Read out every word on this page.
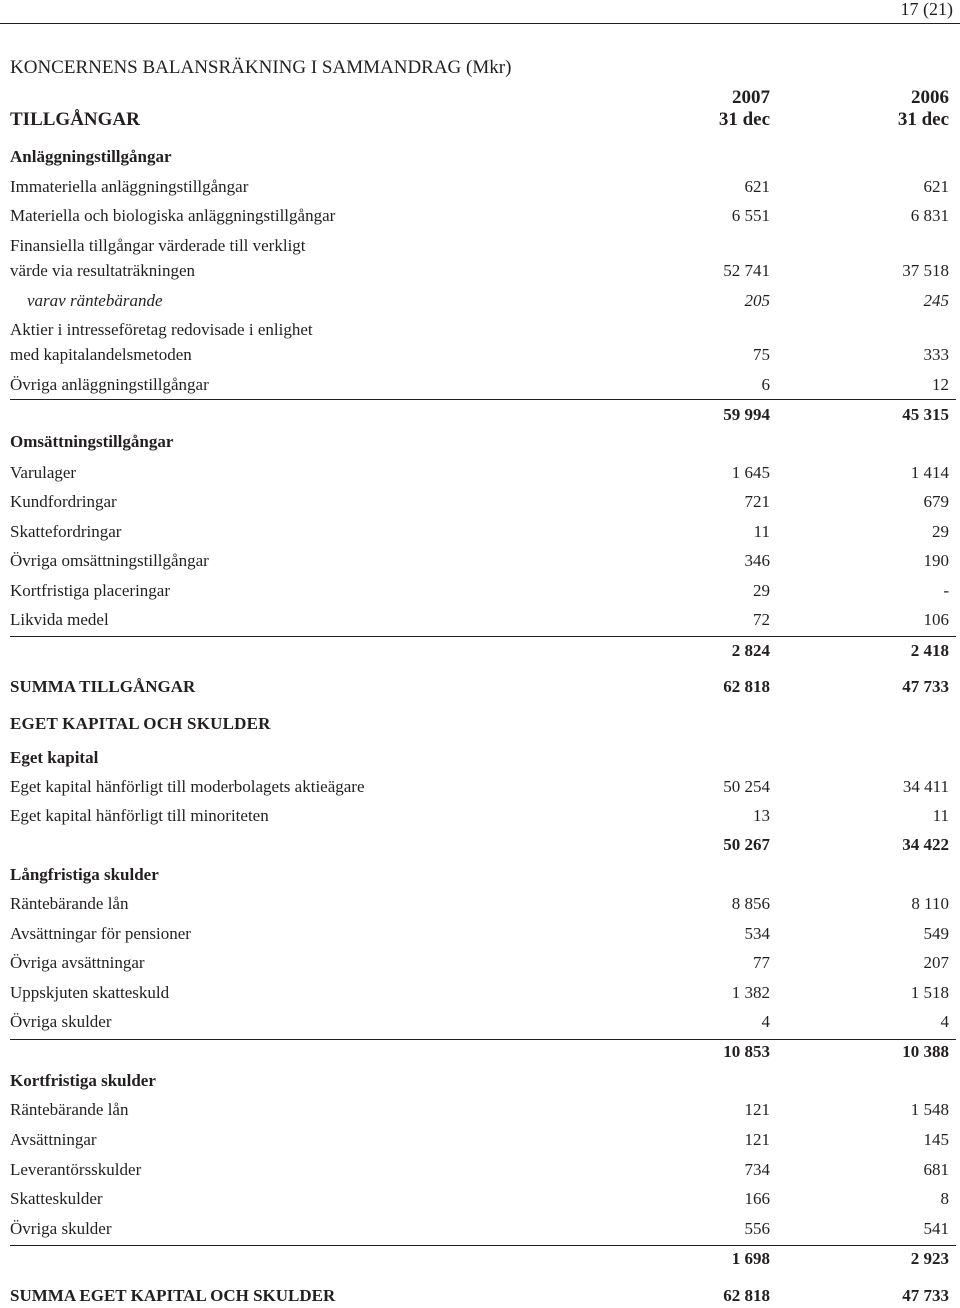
17 (21)
KONCERNENS BALANSRÄKNING I SAMMANDRAG (Mkr)
2007	2006
TILLGÅNGAR	31 dec	31 dec
Anläggningstillgångar
Immateriella anläggningstillgångar	621	621
Materiella och biologiska anläggningstillgångar	6 551	6 831
Finansiella tillgångar värderade till verkligt
värde via resultaträkningen	52 741	37 518
varav räntebärande	205	245
Aktier i intresseföretag redovisade i enlighet
med kapitalandelsmetoden	75	333
Övriga anläggningstillgångar	6	12
59 994	45 315
Omsättningstillgångar
Varulager	1 645	1 414
Kundfordringar	721	679
Skattefordringar	11	29
Övriga omsättningstillgångar	346	190
Kortfristiga placeringar	29	-
Likvida medel	72	106
2 824	2 418
SUMMA TILLGÅNGAR	62 818	47 733
EGET KAPITAL OCH SKULDER
Eget kapital
Eget kapital hänförligt till moderbolagets aktieägare	50 254	34 411
Eget kapital hänförligt till minoriteten	13	11
50 267	34 422
Långfristiga skulder
Räntebärande lån	8 856	8 110
Avsättningar för pensioner	534	549
Övriga avsättningar	77	207
Uppskjuten skatteskuld	1 382	1 518
Övriga skulder	4	4
10 853	10 388
Kortfristiga skulder
Räntebärande lån	121	1 548
Avsättningar	121	145
Leverantörsskulder	734	681
Skatteskulder	166	8
Övriga skulder	556	541
1 698	2 923
SUMMA EGET KAPITAL OCH SKULDER	62 818	47 733
